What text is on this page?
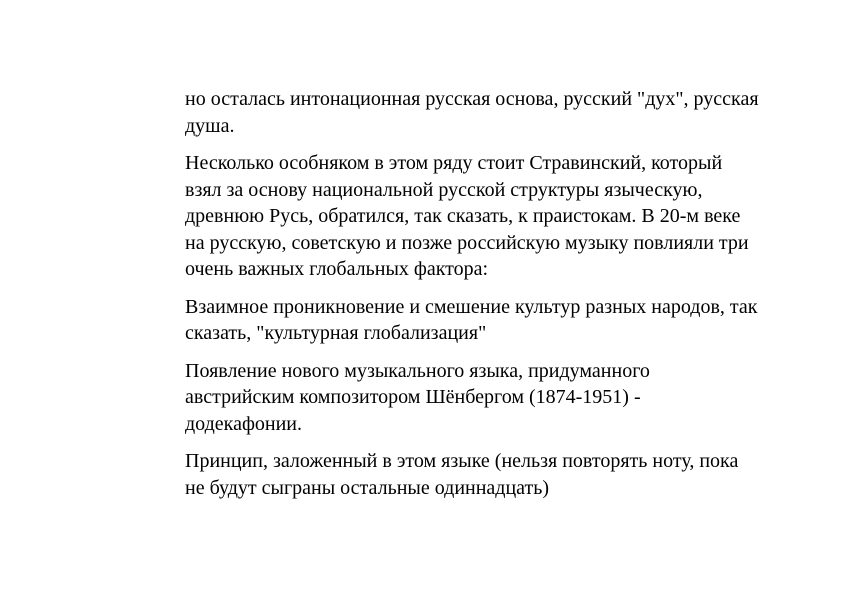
но осталась интонационная русская основа, русский "дух", русская душа.

Несколько особняком в этом ряду стоит Стравинский, который взял за основу национальной русской структуры языческую, древнюю Русь, обратился, так сказать, к праистокам. В 20-м веке на русскую, советскую и позже российскую музыку повлияли три очень важных глобальных фактора:

Взаимное проникновение и смешение культур разных народов, так сказать, "культурная глобализация"

Появление нового музыкального языка, придуманного австрийским композитором Шёнбергом (1874-1951) - додекафонии.

Принцип, заложенный в этом языке (нельзя повторять ноту, пока не будут сыграны остальные одиннадцать)
